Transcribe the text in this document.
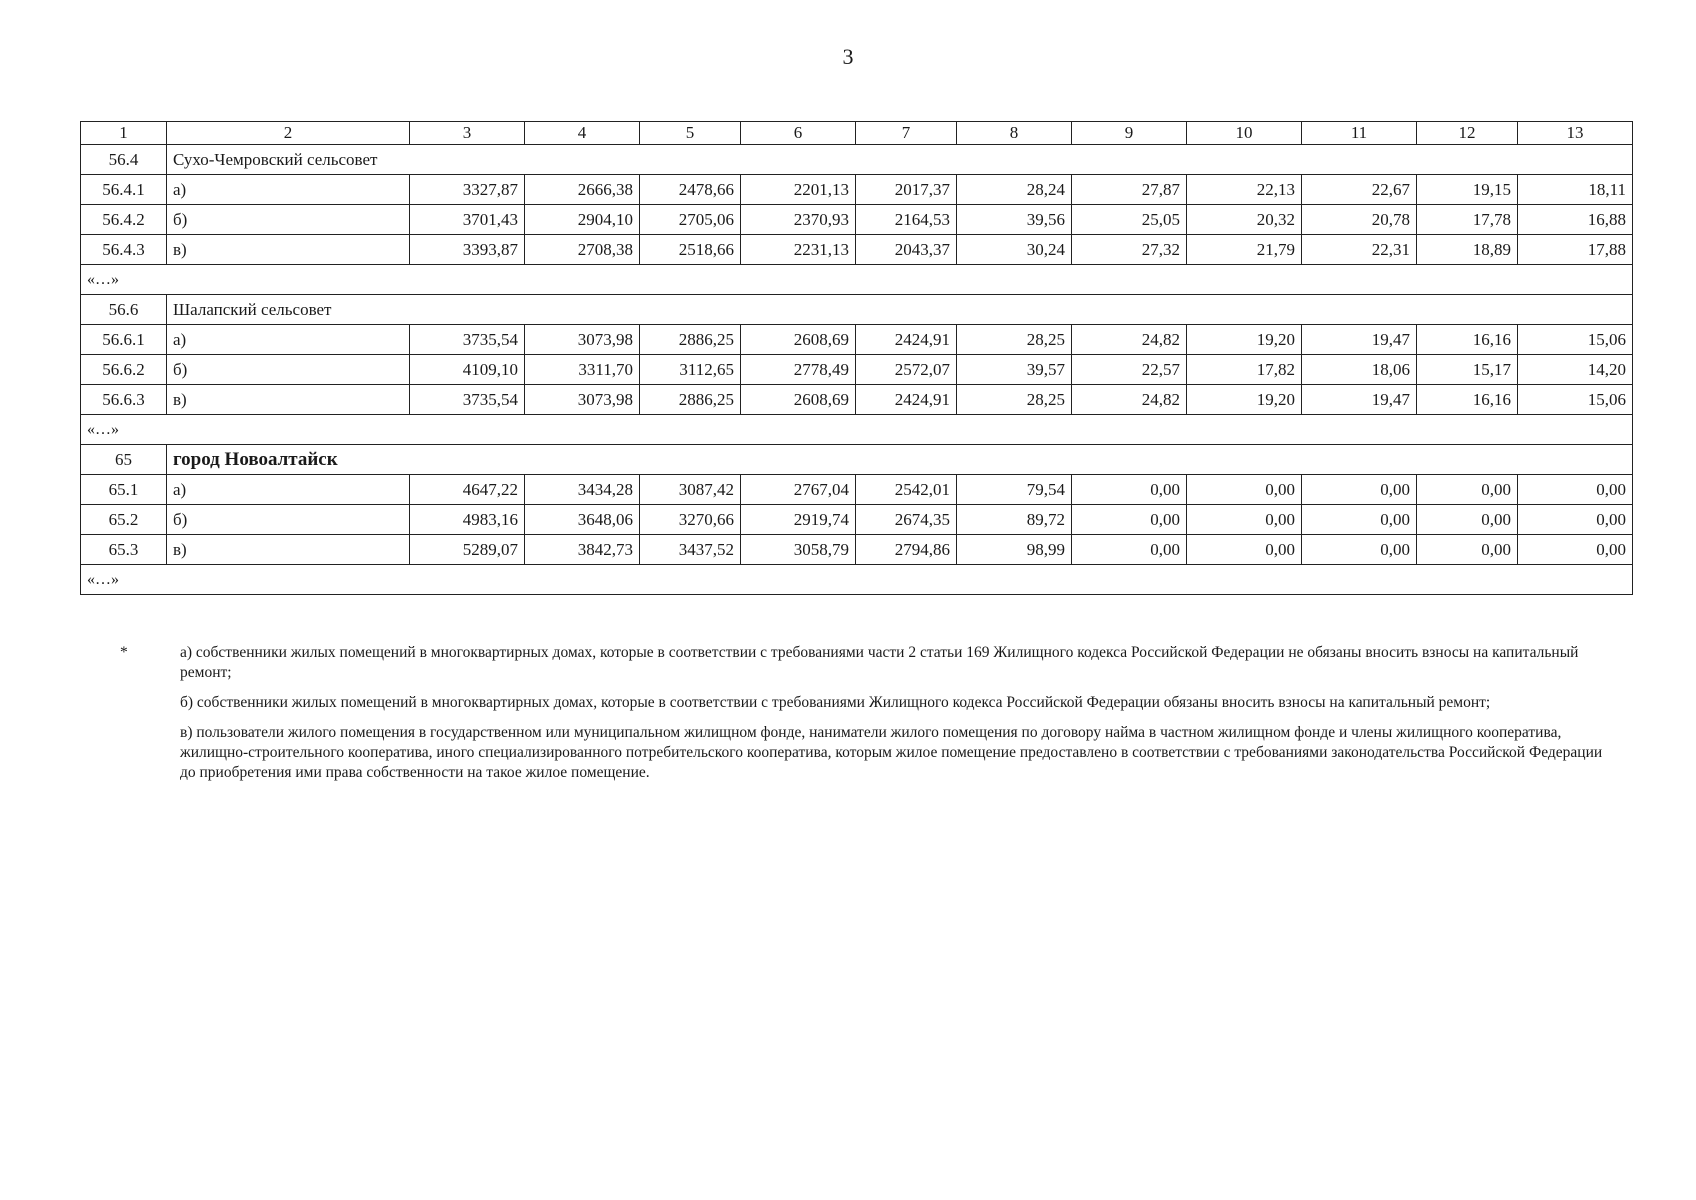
3
1	2	3	4	5	6	7	8	9	10	11	12	13
56.4	Сухо-Чемровский сельсовет											
56.4.1	а)	3327,87	2666,38	2478,66	2201,13	2017,37	28,24	27,87	22,13	22,67	19,15	18,11
56.4.2	б)	3701,43	2904,10	2705,06	2370,93	2164,53	39,56	25,05	20,32	20,78	17,78	16,88
56.4.3	в)	3393,87	2708,38	2518,66	2231,13	2043,37	30,24	27,32	21,79	22,31	18,89	17,88
«…»												
56.6	Шалапский сельсовет											
56.6.1	а)	3735,54	3073,98	2886,25	2608,69	2424,91	28,25	24,82	19,20	19,47	16,16	15,06
56.6.2	б)	4109,10	3311,70	3112,65	2778,49	2572,07	39,57	22,57	17,82	18,06	15,17	14,20
56.6.3	в)	3735,54	3073,98	2886,25	2608,69	2424,91	28,25	24,82	19,20	19,47	16,16	15,06
«…»												
65	город Новоалтайск											
65.1	а)	4647,22	3434,28	3087,42	2767,04	2542,01	79,54	0,00	0,00	0,00	0,00	0,00
65.2	б)	4983,16	3648,06	3270,66	2919,74	2674,35	89,72	0,00	0,00	0,00	0,00	0,00
65.3	в)	5289,07	3842,73	3437,52	3058,79	2794,86	98,99	0,00	0,00	0,00	0,00	0,00
«…»												
*	а) собственники жилых помещений в многоквартирных домах, которые в соответствии с требованиями части 2 статьи 169 Жилищного кодекса Российской Федерации не обязаны вносить взносы на капитальный ремонт;
б) собственники жилых помещений в многоквартирных домах, которые в соответствии с требованиями Жилищного кодекса Российской Федерации обязаны вносить взносы на капитальный ремонт;
в) пользователи жилого помещения в государственном или муниципальном жилищном фонде, наниматели жилого помещения по договору найма в частном жилищном фонде и члены жилищного кооператива, жилищно-строительного кооператива, иного специализированного потребительского кооператива, которым жилое помещение предоставлено в соответствии с требованиями законодательства Российской Федерации до приобретения ими права собственности на такое жилое помещение.
